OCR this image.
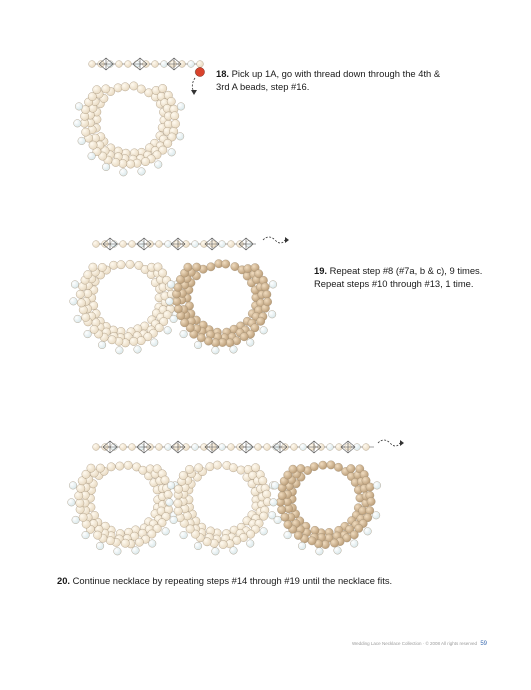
18. Pick up 1A, go with thread down through the 4th & 3rd A beads, step #16.
19. Repeat step #8 (#7a, b & c), 9 times. Repeat steps #10 through #13, 1 time.
20. Continue necklace by repeating steps #14 through #19 until the necklace fits.
Wedding Lace Necklace Collection · © 2008 All rights reserved 59
